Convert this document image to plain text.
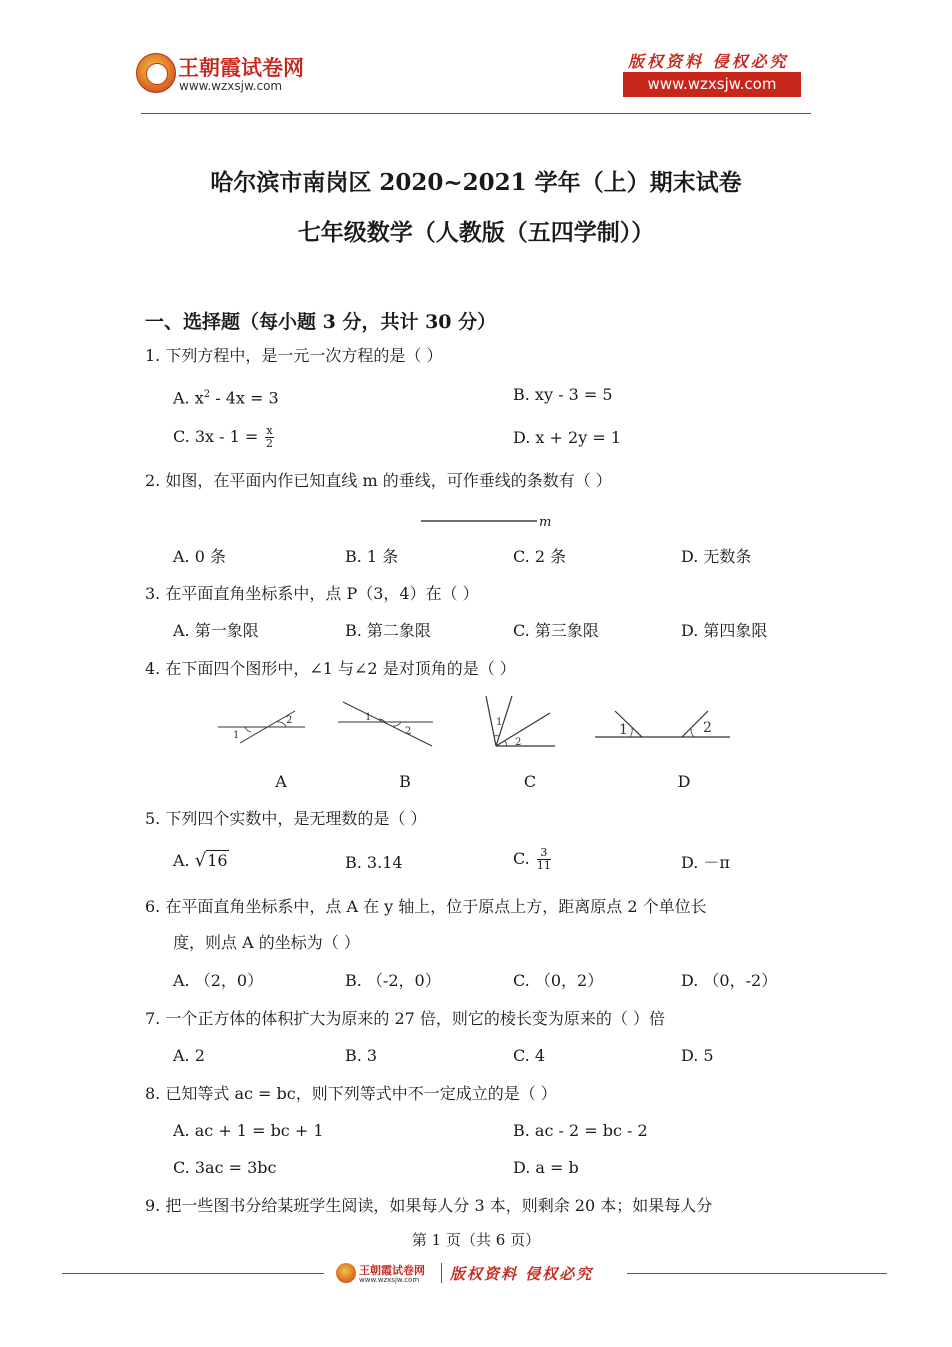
王朝霞试卷网
www.wzxsjw.com
版权资料 侵权必究
www.wzxsjw.com
哈尔滨市南岗区 2020~2021 学年（上）期末试卷
七年级数学（人教版（五四学制））
一、选择题（每小题 3 分，共计 30 分）
1. 下列方程中，是一元一次方程的是（ ）
A. $x^2 - 4x = 3$	B. xy - 3 = 5
C. $3x - 1 = \frac{x}{2}$	D. x + 2y = 1
2. 如图，在平面内作已知直线 m 的垂线，可作垂线的条数有（ ）
m
A. 0 条	B. 1 条	C. 2 条	D. 无数条
3. 在平面直角坐标系中，点 P（3，4）在（ ）
A. 第一象限	B. 第二象限	C. 第三象限	D. 第四象限
4. 在下面四个图形中，∠1 与∠2 是对顶角的是（ ）
2
1
1
2
1
2
1	2
A	B	C	D
5. 下列四个实数中，是无理数的是（ ）
A. √16	B. 3.14	C. $\frac{3}{11}$	D. －π
6. 在平面直角坐标系中，点 A 在 y 轴上，位于原点上方，距离原点 2 个单位长
度，则点 A 的坐标为（ ）
A. （2，0）	B. （-2，0）	C. （0，2）	D. （0，-2）
7. 一个正方体的体积扩大为原来的 27 倍，则它的棱长变为原来的（ ）倍
A. 2	B. 3	C. 4	D. 5
8. 已知等式 ac = bc，则下列等式中不一定成立的是（ ）
A. ac + 1 = bc + 1	B. ac - 2 = bc - 2
C. 3ac = 3bc	D. a = b
9. 把一些图书分给某班学生阅读，如果每人分 3 本，则剩余 20 本；如果每人分
第 1 页（共 6 页）
王朝霞试卷网
www.wzxsjw.com 版权资料 侵权必究
